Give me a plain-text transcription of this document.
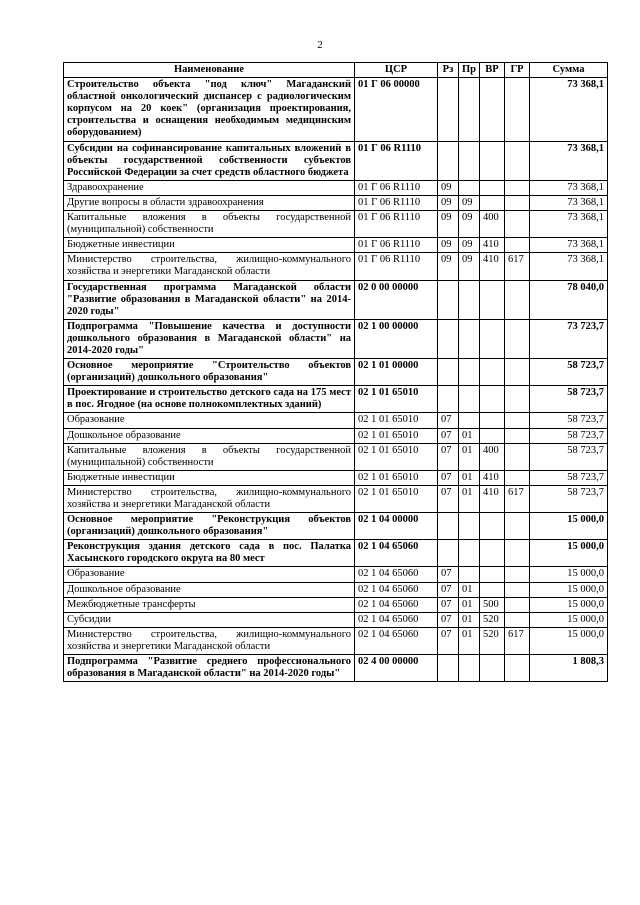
2
Наименование	ЦСР	Рз	Пр	ВР	ГР	Сумма
Строительство объекта "под ключ" Магаданский областной онкологический диспансер с радиологическим корпусом на 20 коек" (организация проектирования, строительства и оснащения необходимым медицинским оборудованием)	01 Г 06 00000					73 368,1
Субсидии на софинансирование капитальных вложений в объекты государственной собственности субъектов Российской Федерации за счет средств областного бюджета	01 Г 06 R1110					73 368,1
Здравоохранение	01 Г 06 R1110	09				73 368,1
Другие вопросы в области здравоохранения	01 Г 06 R1110	09	09			73 368,1
Капитальные вложения в объекты государственной (муниципальной) собственности	01 Г 06 R1110	09	09	400		73 368,1
Бюджетные инвестиции	01 Г 06 R1110	09	09	410		73 368,1
Министерство строительства, жилищно-коммунального хозяйства и энергетики Магаданской области	01 Г 06 R1110	09	09	410	617	73 368,1
Государственная программа Магаданской области "Развитие образования в Магаданской области" на 2014-2020 годы"	02 0 00 00000					78 040,0
Подпрограмма "Повышение качества и доступности дошкольного образования в Магаданской области" на 2014-2020 годы"	02 1 00 00000					73 723,7
Основное мероприятие "Строительство объектов (организаций) дошкольного образования"	02 1 01 00000					58 723,7
Проектирование и строительство детского сада на 175 мест в пос. Ягодное (на основе полнокомплектных зданий)	02 1 01 65010					58 723,7
Образование	02 1 01 65010	07				58 723,7
Дошкольное образование	02 1 01 65010	07	01			58 723,7
Капитальные вложения в объекты государственной (муниципальной) собственности	02 1 01 65010	07	01	400		58 723,7
Бюджетные инвестиции	02 1 01 65010	07	01	410		58 723,7
Министерство строительства, жилищно-коммунального хозяйства и энергетики Магаданской области	02 1 01 65010	07	01	410	617	58 723,7
Основное мероприятие "Реконструкция объектов (организаций) дошкольного образования"	02 1 04 00000					15 000,0
Реконструкция здания детского сада в пос. Палатка Хасынского городского округа на 80 мест	02 1 04 65060					15 000,0
Образование	02 1 04 65060	07				15 000,0
Дошкольное образование	02 1 04 65060	07	01			15 000,0
Межбюджетные трансферты	02 1 04 65060	07	01	500		15 000,0
Субсидии	02 1 04 65060	07	01	520		15 000,0
Министерство строительства, жилищно-коммунального хозяйства и энергетики Магаданской области	02 1 04 65060	07	01	520	617	15 000,0
Подпрограмма "Развитие среднего профессионального образования в Магаданской области" на 2014-2020 годы"	02 4 00 00000					1 808,3
